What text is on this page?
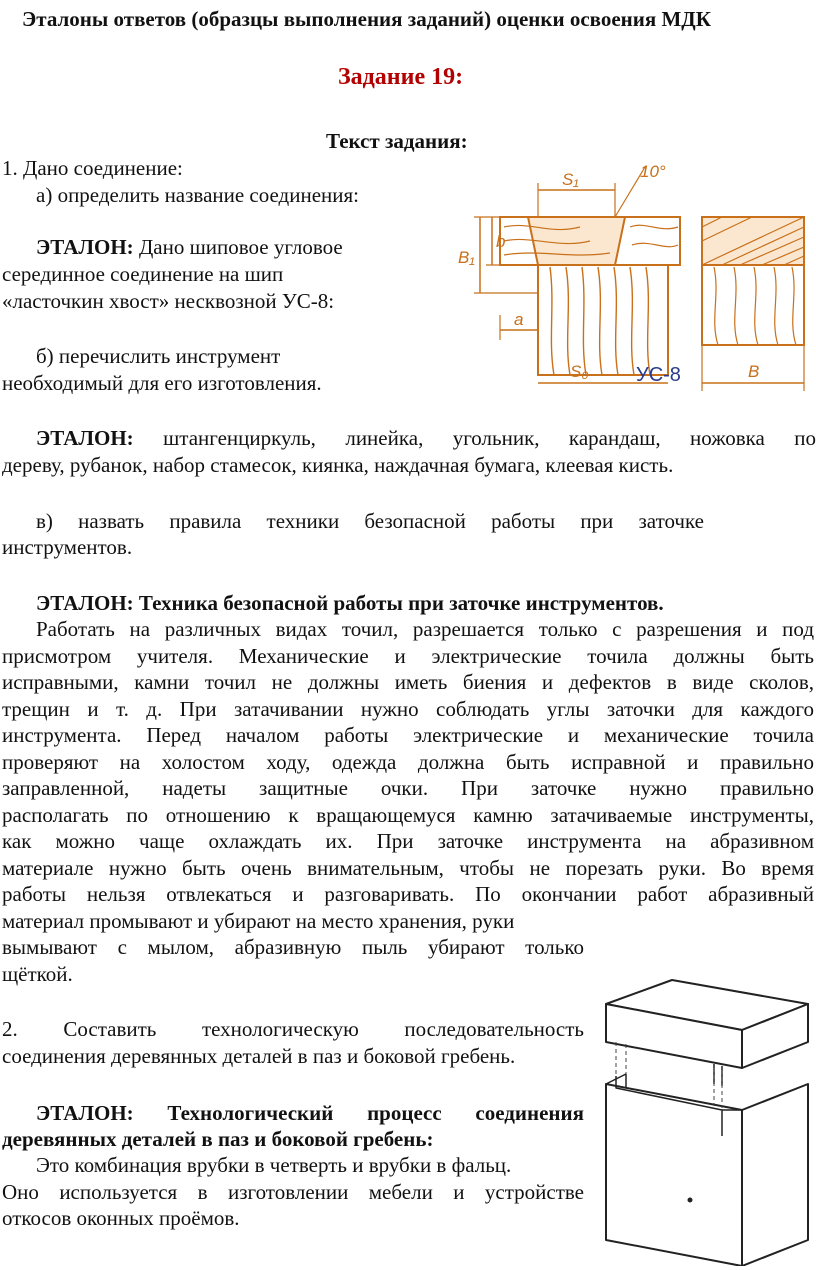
Эталоны ответов (образцы выполнения заданий) оценки освоения МДК
Задание 19:
Текст задания:
1. Дано соединение:
а) определить название соединения:
ЭТАЛОН: Дано шиповое угловое
серединное соединение на шип
«ласточкин хвост» несквозной УС-8:
б) перечислить инструмент
необходимый для его изготовления.
ЭТАЛОН: штангенциркуль, линейка, угольник, карандаш, ножовка по
дереву, рубанок, набор стамесок, киянка, наждачная бумага, клеевая кисть.
в) назвать правила техники безопасной работы при заточке
инструментов.
ЭТАЛОН: Техника безопасной работы при заточке инструментов.
Работать на различных видах точил, разрешается только с разрешения и под
присмотром учителя. Механические и электрические точила должны быть
исправными, камни точил не должны иметь биения и дефектов в виде сколов,
трещин и т. д. При затачивании нужно соблюдать углы заточки для каждого
инструмента. Перед началом работы электрические и механические точила
проверяют на холостом ходу, одежда должна быть исправной и правильно
заправленной, надеты защитные очки. При заточке нужно правильно
располагать по отношению к вращающемуся камню затачиваемые инструменты,
как можно чаще охлаждать их. При заточке инструмента на абразивном
материале нужно быть очень внимательным, чтобы не порезать руки. Во время
работы нельзя отвлекаться и разговаривать. По окончании работ абразивный
материал промывают и убирают на место хранения, руки
вымывают с мылом, абразивную пыль убирают только
щёткой.
2. Составить технологическую последовательность
соединения деревянных деталей в паз и боковой гребень.
ЭТАЛОН: Технологический процесс соединения
деревянных деталей в паз и боковой гребень:
Это комбинация врубки в четверть и врубки в фальц.
Оно используется в изготовлении мебели и устройстве
откосов оконных проёмов.
S₁	10°
B₁
b
a
S₀	B
УС-8
